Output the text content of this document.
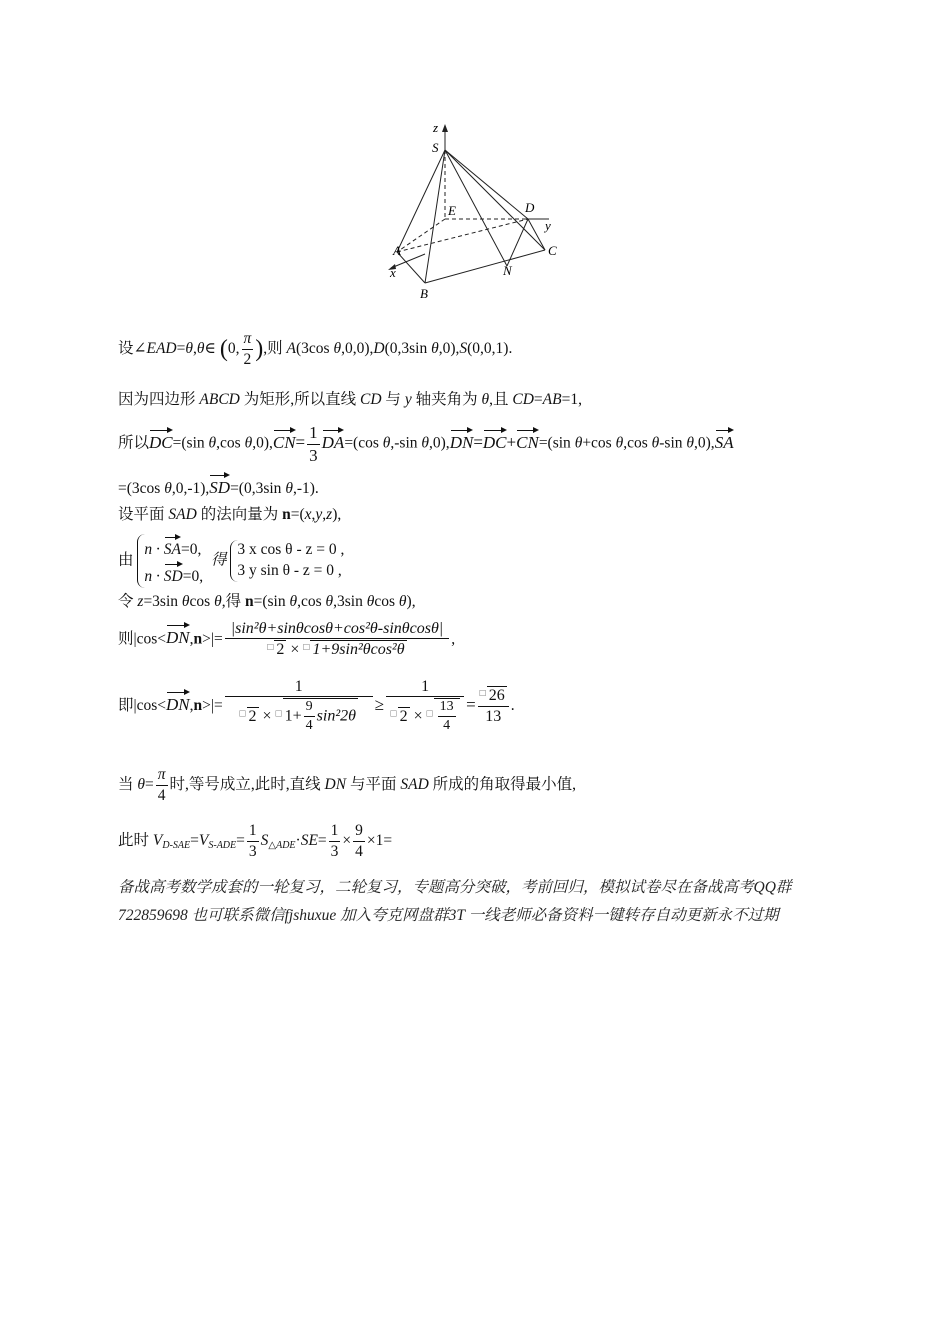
z
S
E	D
y
A	C
x	N
B
设∠EAD=θ,θ∈ (0, $\frac{\pi}{2}$ ),则 A(3cos θ,0,0),D(0,3sin θ,0),S(0,0,1).
因为四边形 ABCD 为矩形,所以直线 CD 与 y 轴夹角为 θ,且 CD=AB=1,
所以DC=(sin θ,cos $\theta,0),CN= \frac{1}{3} DA=(\cos$ θ,-sin θ,0),DN=DC+CN=(sin θ+cos θ,cos θ-sin θ,0),SA
=(3cos θ,0,-1),SD=(0,3sin θ,-1).
设平面 SAD 的法向量为 n=(x,y,z),
由 n · SA=0,
n · SD=0, 得 3 x cos θ - z = 0 ,
3 y sin θ - z = 0 ,
令 z=3sin θcos θ,得 n=(sin θ,cos θ,3sin θcos θ),
则$|\cos<DN,n>|= \frac{\text{|sin²θ+sinθcosθ+cos²θ-sinθcosθ|}}{^□ 2 \times ^□ 1+9\sin^2\theta\cos^2\theta}$ ,
即$|\cos<DN,n>|= \frac{1}{^□ 2 \times ^□ 1+ \frac{9}{4} \sin^22\theta} \ge \frac{1}{^□ 2 \times ^□ \frac{13}{4}} = \frac{^□ 26}{13}$ .
当 $\theta= \frac{\pi}{4}$ 时,等号成立,此时,直线 DN 与平面 SAD 所成的角取得最小值,
此时 $V_{D-SAE}=V_{S-ADE}= \frac{1}{3} S_{\triangle ADE}\cdot SE= \frac{1}{3} \times \frac{9}{4} \times 1=$
备战高考数学成套的一轮复习，二轮复习，专题高分突破，考前回归，模拟试卷尽在备战高考QQ群722859698 也可联系微信fjshuxue 加入夸克网盘群3T 一线老师必备资料一键转存自动更新永不过期
